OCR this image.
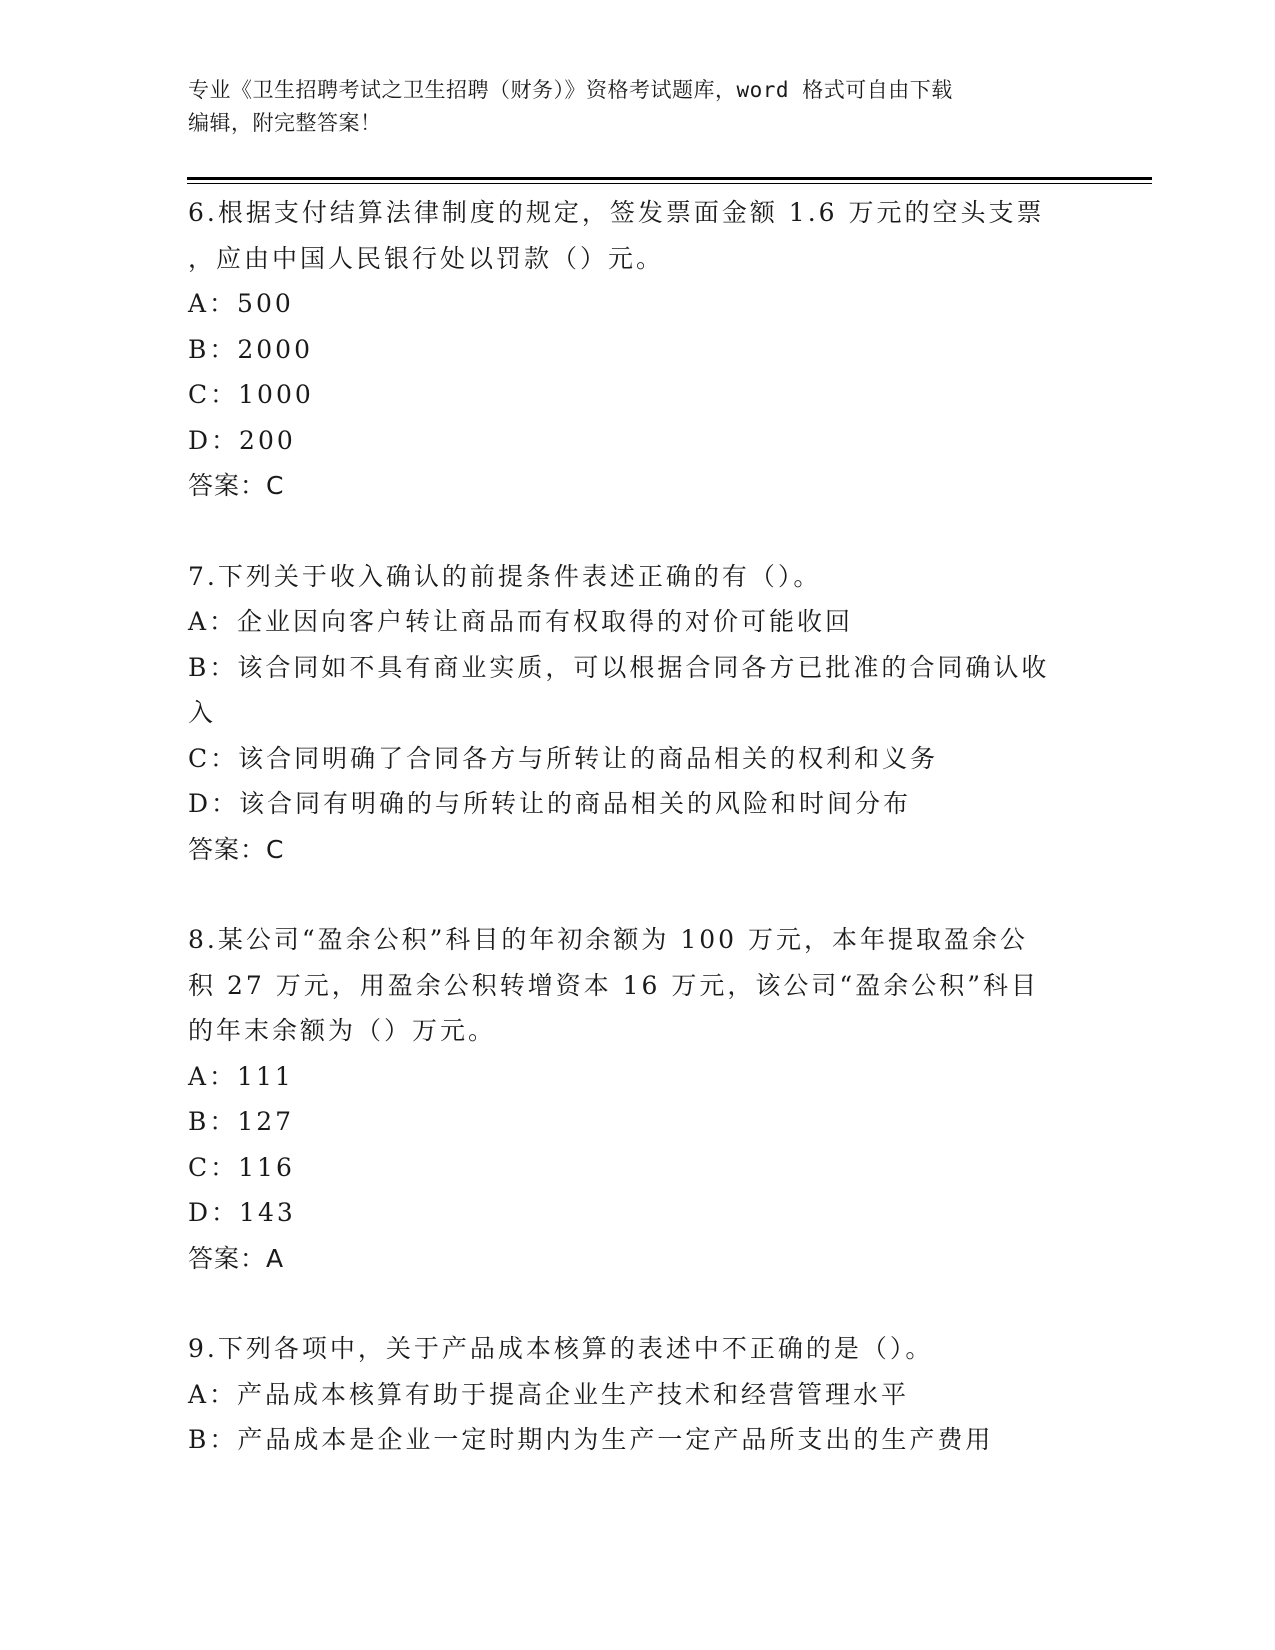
专业《卫生招聘考试之卫生招聘（财务）》资格考试题库，word 格式可自由下载
编辑，附完整答案！
6.根据支付结算法律制度的规定，签发票面金额 1.6 万元的空头支票
，应由中国人民银行处以罚款（）元。
A：500
B：2000
C：1000
D：200
答案：C
7.下列关于收入确认的前提条件表述正确的有（）。
A：企业因向客户转让商品而有权取得的对价可能收回
B：该合同如不具有商业实质，可以根据合同各方已批准的合同确认收
入
C：该合同明确了合同各方与所转让的商品相关的权利和义务
D：该合同有明确的与所转让的商品相关的风险和时间分布
答案：C
8.某公司“盈余公积”科目的年初余额为 100 万元，本年提取盈余公
积 27 万元，用盈余公积转增资本 16 万元，该公司“盈余公积”科目
的年末余额为（）万元。
A：111
B：127
C：116
D：143
答案：A
9.下列各项中，关于产品成本核算的表述中不正确的是（）。
A：产品成本核算有助于提高企业生产技术和经营管理水平
B：产品成本是企业一定时期内为生产一定产品所支出的生产费用
